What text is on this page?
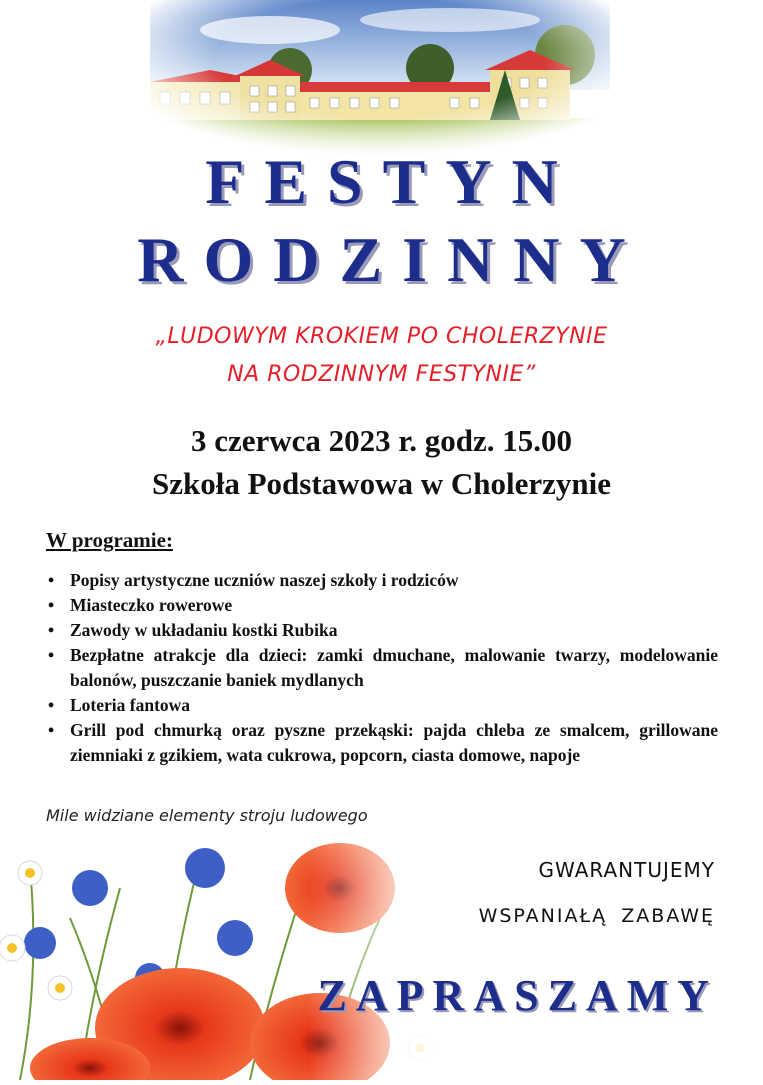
FESTYN
RODZINNY
„LUDOWYM KROKIEM PO CHOLERZYNIE
NA RODZINNYM FESTYNIE”
3 czerwca 2023 r. godz. 15.00
Szkoła Podstawowa w Cholerzynie
W programie:
• Popisy artystyczne uczniów naszej szkoły i rodziców
• Miasteczko rowerowe
• Zawody w układaniu kostki Rubika
• Bezpłatne atrakcje dla dzieci: zamki dmuchane, malowanie twarzy, modelowanie balonów, puszczanie baniek mydlanych
• Loteria fantowa
• Grill pod chmurką oraz pyszne przekąski: pajda chleba ze smalcem, grillowane ziemniaki z gzikiem, wata cukrowa, popcorn, ciasta domowe, napoje
Mile widziane elementy stroju ludowego
GWARANTUJEMY
WSPANIAŁĄ ZABAWĘ
ZAPRASZAMY
